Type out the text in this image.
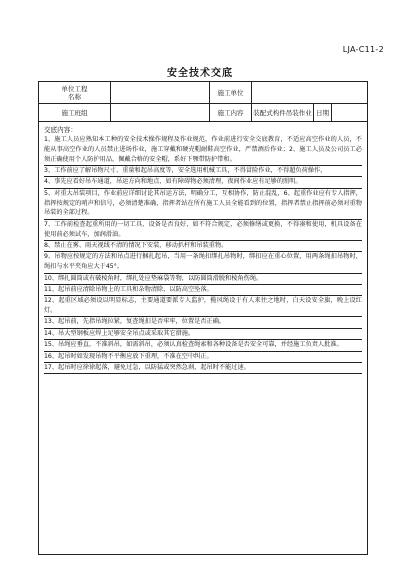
LJA-C11-2
安全技术交底
单位工程
名称	施工单位
施工班组	施工内容	装配式构件吊装作业 日期
交底内容：
1、施工人员应熟知本工种的安全技术操作规程及作业规范，作业前进行安全交底教育，不适应高空作业的人员，不能从事高空作业的人员禁止进场作业，施工穿戴和硬壳帽耐鞋高空作业，严禁酒后作业；2、施工人员及公司员工必须正确使用个人防护用品，佩戴合格的安全帽，系好下颚带防护带和。
3、工作前应了解吊物尺寸、重量和起吊高度等，安全选用机械工具，不得冒险作业，不得超负荷操作，
4、事先应看好吊车通道，吊运方向和地点，如有障碍物必须清理，夜间作业应有足够的照明。
5、对重大吊装项目，作业前应详细讨论其吊运方法，明确分工，互相协作，防止混乱，6、起重作业应有专人指挥，指挥按规定的哨声和信号，必须清楚准确，指挥者站在所有施工人员全能看到的位置，指挥者禁止指挥前必须对重物吊装的全部过程。
7、工作前检查起重所用的一切工具、设备是否良好，如不符合规定，必须修缮或更换，不得凑和使用，机具设备在使用前必须试车，加润滑油。
8、禁止在雾、雨天视线不清的情况下安装、移动扒杆和吊装重物。
9、吊物应按规定的方法和吊点进行捆扎起吊，当用一条绳扣绑扎吊物时，绑扣应在重心位置，用两条绳扣吊物时，绳扣与水平夹角应大于45°。
10、绑扎圆筒或有破棱角时，绑扎处应垫麻袋等物，以防圆筒滑脱和棱角伤绳。
11、起吊前应清除吊物上的工具和杂物清除，以防高空坠落。
12、起重区域必须设以明显标志，主要通道要派专人监护，揽风绳设于有人来往之地时，白天设安全旗，晚上设红灯。
13、起吊前，先指吊绳拉紧，复查绳扣是否牢牢，位置是否正确。
14、吊大型钢板应焊上足够安全吊点或采取其它措施。
15、吊绳应垂直，不准斜吊，如需斜吊，必须认真检查绳索和各种设备是否安全可靠，并经施工负责人批准。
16、起吊时如发现吊物不平衡应放下重理，不准在空中纠正。
17、起吊时应徐徐起落，避免过急，以防猛或突然急刹，起吊时不能过速。
